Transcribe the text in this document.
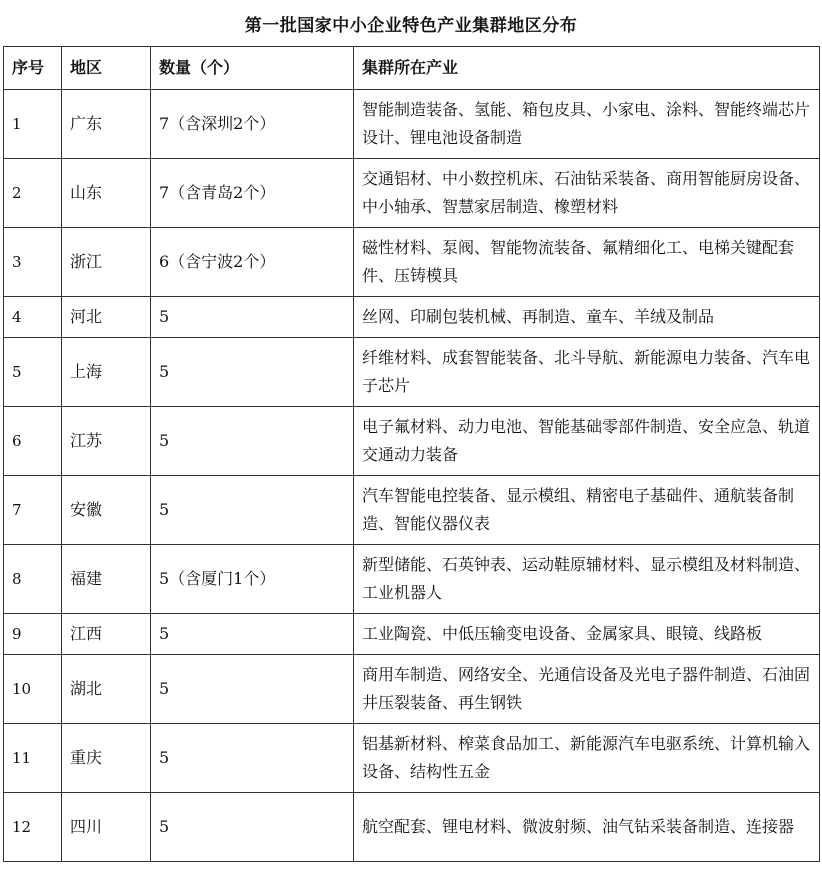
第一批国家中小企业特色产业集群地区分布
序号	地区	数量（个）	集群所在产业
1	广东	7（含深圳2个）	智能制造装备、氢能、箱包皮具、小家电、涂料、智能终端芯片设计、锂电池设备制造
2	山东	7（含青岛2个）	交通铝材、中小数控机床、石油钻采装备、商用智能厨房设备、中小轴承、智慧家居制造、橡塑材料
3	浙江	6（含宁波2个）	磁性材料、泵阀、智能物流装备、氟精细化工、电梯关键配套件、压铸模具
4	河北	5	丝网、印刷包装机械、再制造、童车、羊绒及制品
5	上海	5	纤维材料、成套智能装备、北斗导航、新能源电力装备、汽车电子芯片
6	江苏	5	电子氟材料、动力电池、智能基础零部件制造、安全应急、轨道交通动力装备
7	安徽	5	汽车智能电控装备、显示模组、精密电子基础件、通航装备制造、智能仪器仪表
8	福建	5（含厦门1个）	新型储能、石英钟表、运动鞋原辅材料、显示模组及材料制造、工业机器人
9	江西	5	工业陶瓷、中低压输变电设备、金属家具、眼镜、线路板
10	湖北	5	商用车制造、网络安全、光通信设备及光电子器件制造、石油固井压裂装备、再生钢铁
11	重庆	5	铝基新材料、榨菜食品加工、新能源汽车电驱系统、计算机输入设备、结构性五金
12	四川	5	航空配套、锂电材料、微波射频、油气钻采装备制造、连接器
